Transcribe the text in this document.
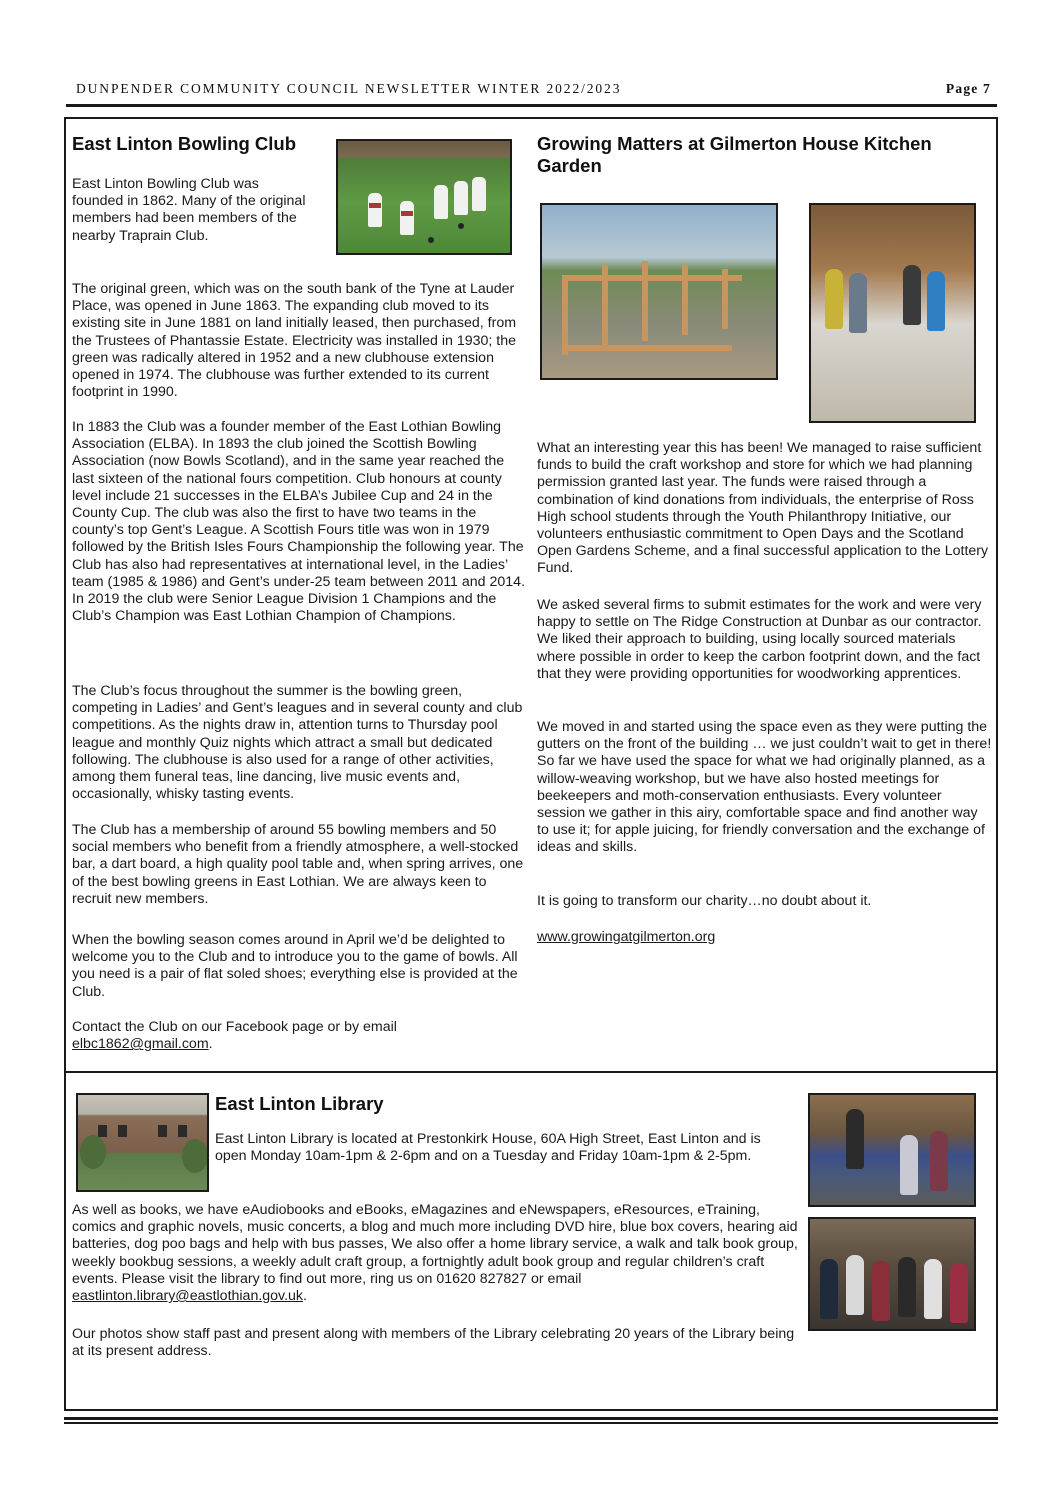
DUNPENDER COMMUNITY COUNCIL NEWSLETTER WINTER 2022/2023	Page 7
East Linton Bowling Club

East Linton Bowling Club was founded in 1862. Many of the original members had been members of the nearby Traprain Club.

The original green, which was on the south bank of the Tyne at Lauder Place, was opened in June 1863. The expanding club moved to its existing site in June 1881 on land initially leased, then purchased, from the Trustees of Phantassie Estate. Electricity was installed in 1930; the green was radically altered in 1952 and a new clubhouse extension opened in 1974. The clubhouse was further extended to its current footprint in 1990.

In 1883 the Club was a founder member of the East Lothian Bowling Association (ELBA). In 1893 the club joined the Scottish Bowling Association (now Bowls Scotland), and in the same year reached the last sixteen of the national fours competition. Club honours at county level include 21 successes in the ELBA’s Jubilee Cup and 24 in the County Cup. The club was also the first to have two teams in the county’s top Gent’s League. A Scottish Fours title was won in 1979 followed by the British Isles Fours Championship the following year. The Club has also had representatives at international level, in the Ladies’ team (1985 & 1986) and Gent’s under-25 team between 2011 and 2014. In 2019 the club were Senior League Division 1 Champions and the Club’s Champion was East Lothian Champion of Champions.

The Club’s focus throughout the summer is the bowling green, competing in Ladies’ and Gent’s leagues and in several county and club competitions. As the nights draw in, attention turns to Thursday pool league and monthly Quiz nights which attract a small but dedicated following. The clubhouse is also used for a range of other activities, among them funeral teas, line dancing, live music events and, occasionally, whisky tasting events.

The Club has a membership of around 55 bowling members and 50 social members who benefit from a friendly atmosphere, a well-stocked bar, a dart board, a high quality pool table and, when spring arrives, one of the best bowling greens in East Lothian. We are always keen to recruit new members.

When the bowling season comes around in April we’d be delighted to welcome you to the Club and to introduce you to the game of bowls. All you need is a pair of flat soled shoes; everything else is provided at the Club.

Contact the Club on our Facebook page or by email
elbc1862@gmail.com.

Growing Matters at Gilmerton House Kitchen Garden

What an interesting year this has been! We managed to raise sufficient funds to build the craft workshop and store for which we had planning permission granted last year. The funds were raised through a combination of kind donations from individuals, the enterprise of Ross High school students through the Youth Philanthropy Initiative, our volunteers enthusiastic commitment to Open Days and the Scotland Open Gardens Scheme, and a final successful application to the Lottery Fund.

We asked several firms to submit estimates for the work and were very happy to settle on The Ridge Construction at Dunbar as our contractor. We liked their approach to building, using locally sourced materials where possible in order to keep the carbon footprint down, and the fact that they were providing opportunities for woodworking apprentices.

We moved in and started using the space even as they were putting the gutters on the front of the building … we just couldn’t wait to get in there! So far we have used the space for what we had originally planned, as a willow-weaving workshop, but we have also hosted meetings for beekeepers and moth-conservation enthusiasts. Every volunteer session we gather in this airy, comfortable space and find another way to use it; for apple juicing, for friendly conversation and the exchange of ideas and skills.

It is going to transform our charity…no doubt about it.

www.growingatgilmerton.org

East Linton Library

East Linton Library is located at Prestonkirk House, 60A High Street, East Linton and is open Monday 10am-1pm & 2-6pm and on a Tuesday and Friday 10am-1pm & 2-5pm.

As well as books, we have eAudiobooks and eBooks, eMagazines and eNewspapers, eResources, eTraining, comics and graphic novels, music concerts, a blog and much more including DVD hire, blue box covers, hearing aid batteries, dog poo bags and help with bus passes, We also offer a home library service, a walk and talk book group, weekly bookbug sessions, a weekly adult craft group, a fortnightly adult book group and regular children’s craft events. Please visit the library to find out more, ring us on 01620 827827 or email eastlinton.library@eastlothian.gov.uk.

Our photos show staff past and present along with members of the Library celebrating 20 years of the Library being at its present address.
